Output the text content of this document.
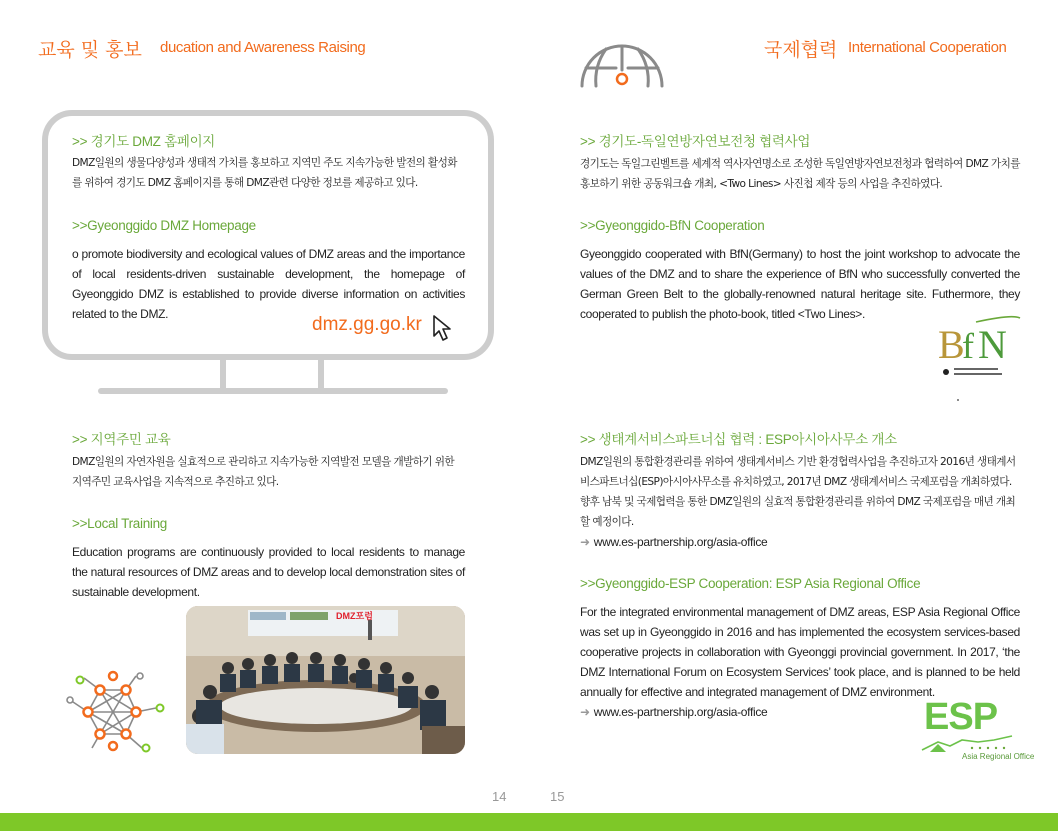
교육 및 홍보 ducation and Awareness Raising	국제협력 International Cooperation
>> 경기도 DMZ 홈페이지
DMZ일원의 생물다양성과 생태적 가치를 홍보하고 지역민 주도 지속가능한 발전의 활성화를 위하여 경기도 DMZ 홈페이지를 통해 DMZ관련 다양한 정보를 제공하고 있다.
>>Gyeonggido DMZ Homepage
o promote biodiversity and ecological values of DMZ areas and the importance of local residents-driven sustainable development, the homepage of Gyeonggido DMZ is established to provide diverse information on activities related to the DMZ.	dmz.gg.go.kr
>> 지역주민 교육
DMZ일원의 자연자원을 실효적으로 관리하고 지속가능한 지역발전 모델을 개발하기 위한 지역주민 교육사업을 지속적으로 추진하고 있다.
>>Local Training
Education programs are continuously provided to local residents to manage the natural resources of DMZ areas and to develop local demonstration sites of sustainable development.
DMZ포럼
>> 경기도-독일연방자연보전청 협력사업
경기도는 독일그린벨트를 세계적 역사자연명소로 조성한 독일연방자연보전청과 협력하여 DMZ 가치를 홍보하기 위한 공동워크숍 개최, <Two Lines> 사진첩 제작 등의 사업을 추진하였다.
>>Gyeonggido-BfN Cooperation
Gyeonggido cooperated with BfN(Germany) to host the joint workshop to advocate the values of the DMZ and to share the experience of BfN who successfully converted the German Green Belt to the globally-renowned natural heritage site. Futhermore, they cooperated to publish the photo-book, titled <Two Lines>.
B
f N
>> 생태계서비스파트너십 협력 : ESP아시아사무소 개소
DMZ일원의 통합환경관리를 위하여 생태계서비스 기반 환경협력사업을 추진하고자 2016년 생태계서비스파트너십(ESP)아시아사무소를 유치하였고, 2017년 DMZ 생태계서비스 국제포럼을 개최하였다. 향후 남북 및 국제협력을 통한 DMZ일원의 실효적 통합환경관리를 위하여 DMZ 국제포럼을 매년 개최할 예정이다.
➜ www.es-partnership.org/asia-office
>>Gyeonggido-ESP Cooperation: ESP Asia Regional Office
For the integrated environmental management of DMZ areas, ESP Asia Regional Office was set up in Gyeonggido in 2016 and has implemented the ecosystem services-based cooperative projects in collaboration with Gyeonggi provincial government. In 2017, ‘the DMZ International Forum on Ecosystem Services’ took place, and is planned to be held annually for effective and integrated management of DMZ environment.
➜ www.es-partnership.org/asia-office	ESP
Asia Regional Office
14	15
